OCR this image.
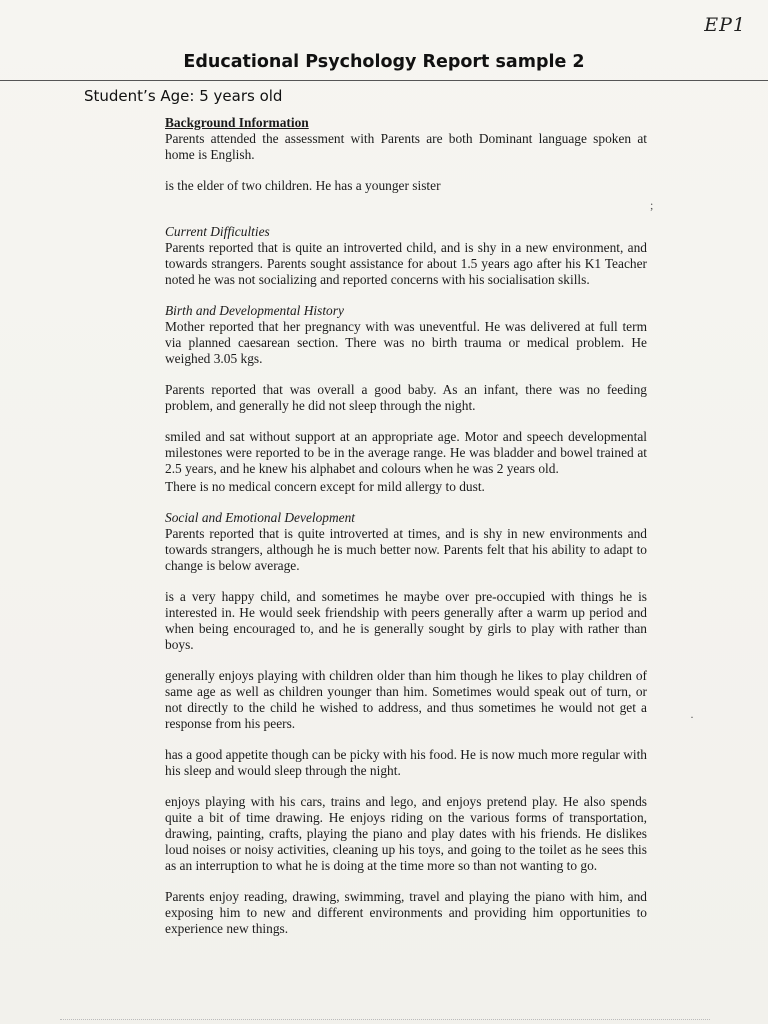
EP1
Educational Psychology Report sample 2
Student’s Age: 5 years old
Background Information

Parents attended the assessment with Parents are both Dominant language spoken at home is English.

is the elder of two children. He has a younger sister

Current Difficulties

Parents reported that is quite an introverted child, and is shy in a new environment, and towards strangers. Parents sought assistance for about 1.5 years ago after his K1 Teacher noted he was not socializing and reported concerns with his socialisation skills.

Birth and Developmental History

Mother reported that her pregnancy with was uneventful. He was delivered at full term via planned caesarean section. There was no birth trauma or medical problem. He weighed 3.05 kgs.

Parents reported that was overall a good baby. As an infant, there was no feeding problem, and generally he did not sleep through the night.

smiled and sat without support at an appropriate age. Motor and speech developmental milestones were reported to be in the average range. He was bladder and bowel trained at 2.5 years, and he knew his alphabet and colours when he was 2 years old.

There is no medical concern except for mild allergy to dust.

Social and Emotional Development

Parents reported that is quite introverted at times, and is shy in new environments and towards strangers, although he is much better now. Parents felt that his ability to adapt to change is below average.

is a very happy child, and sometimes he maybe over pre-occupied with things he is interested in. He would seek friendship with peers generally after a warm up period and when being encouraged to, and he is generally sought by girls to play with rather than boys.

generally enjoys playing with children older than him though he likes to play children of same age as well as children younger than him. Sometimes would speak out of turn, or not directly to the child he wished to address, and thus sometimes he would not get a response from his peers.

has a good appetite though can be picky with his food. He is now much more regular with his sleep and would sleep through the night.

enjoys playing with his cars, trains and lego, and enjoys pretend play. He also spends quite a bit of time drawing. He enjoys riding on the various forms of transportation, drawing, painting, crafts, playing the piano and play dates with his friends. He dislikes loud noises or noisy activities, cleaning up his toys, and going to the toilet as he sees this as an interruption to what he is doing at the time more so than not wanting to go.

Parents enjoy reading, drawing, swimming, travel and playing the piano with him, and exposing him to new and different environments and providing him opportunities to experience new things.

;
·
